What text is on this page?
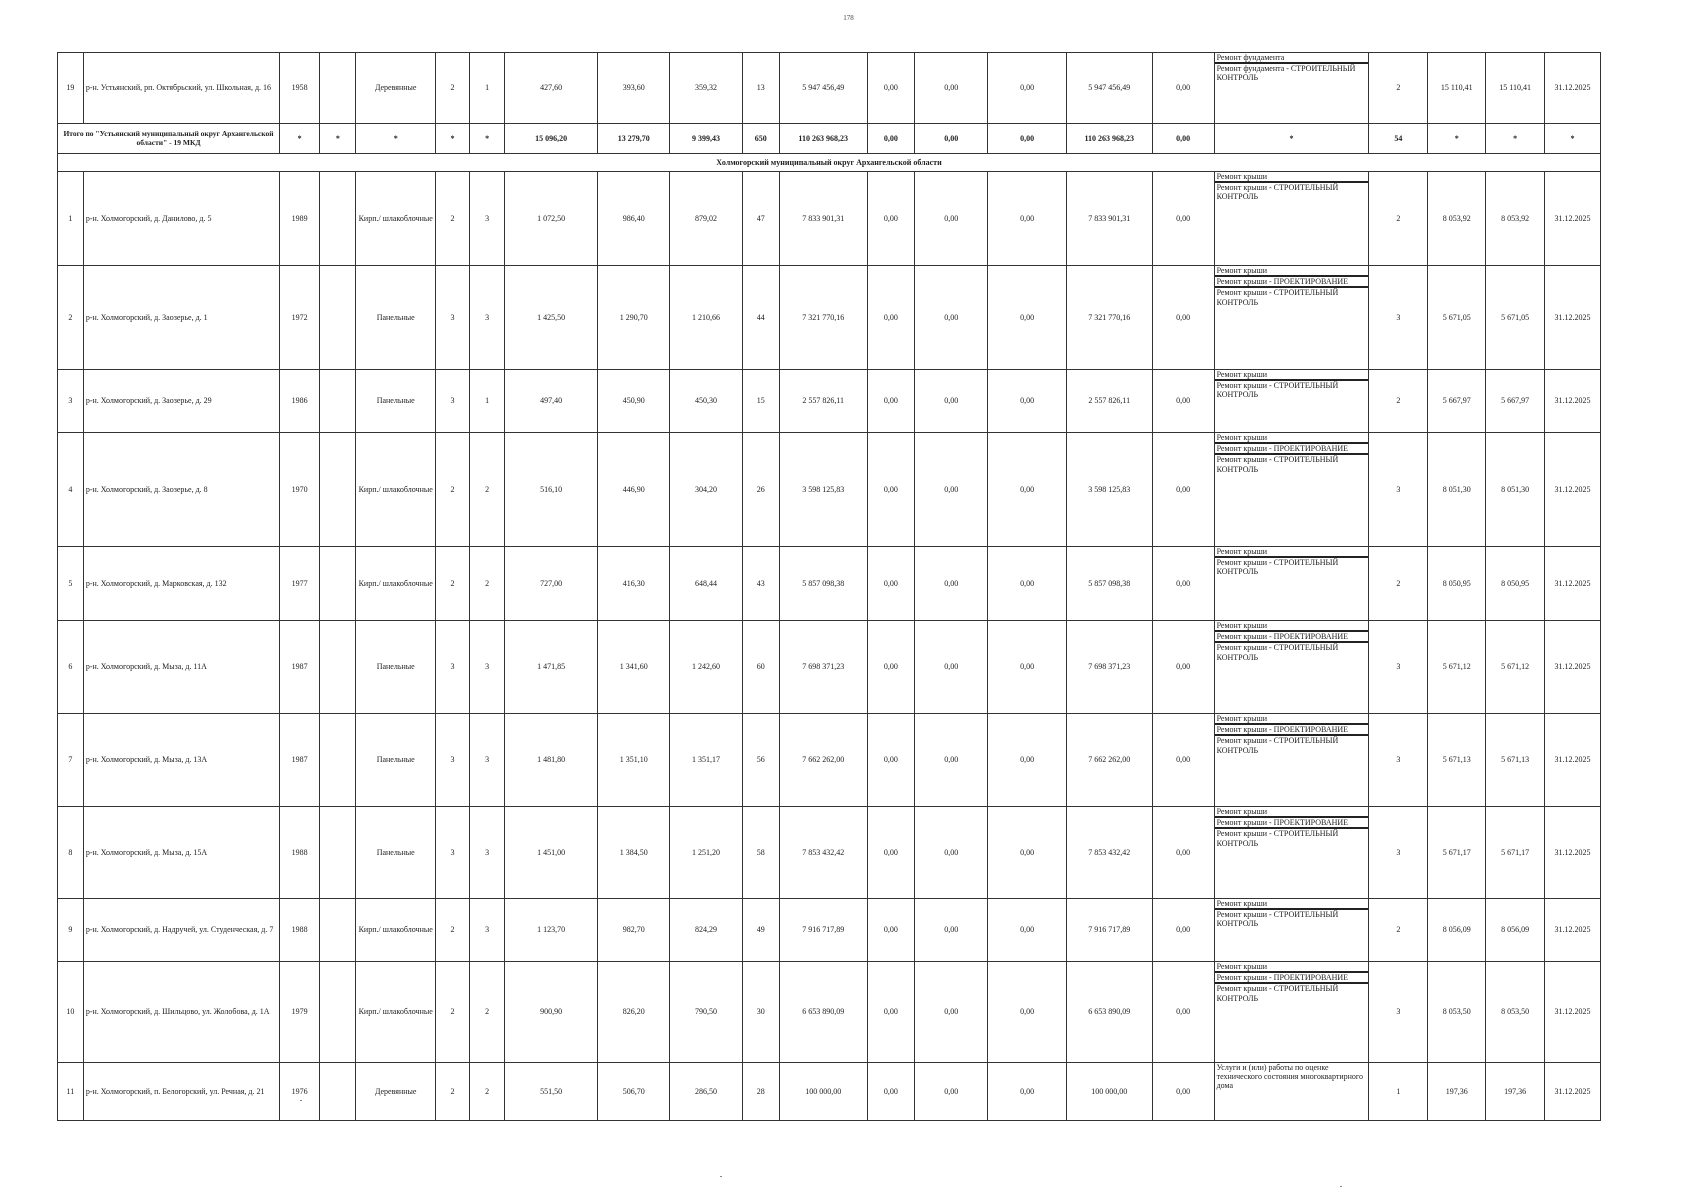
178
19	р-н. Устьянский, рп. Октябрьский, ул. Школьная, д. 16	1958		Деревянные	2	1	427,60	393,60	359,32	13	5 947 456,49	0,00	0,00	0,00	5 947 456,49	0,00	Ремонт фундамента
Ремонт фундамента - СТРОИТЕЛЬНЫЙ КОНТРОЛЬ	2	15 110,41	15 110,41	31.12.2025
Итого по "Устьянский муниципальный округ Архангельской области" - 19 МКД		*	*	*	*	*	15 096,20	13 279,70	9 399,43	650	110 263 968,23	0,00	0,00	0,00	110 263 968,23	0,00	*	54	*	*	*
Холмогорский муниципальный округ Архангельской области																					
1	р-н. Холмогорский, д. Данилово, д. 5	1989		Кирп./ шлакоблочные	2	3	1 072,50	986,40	879,02	47	7 833 901,31	0,00	0,00	0,00	7 833 901,31	0,00	Ремонт крыши
Ремонт крыши - СТРОИТЕЛЬНЫЙ КОНТРОЛЬ	2	8 053,92	8 053,92	31.12.2025
2	р-н. Холмогорский, д. Заозерье, д. 1	1972		Панельные	3	3	1 425,50	1 290,70	1 210,66	44	7 321 770,16	0,00	0,00	0,00	7 321 770,16	0,00	Ремонт крыши
Ремонт крыши - ПРОЕКТИРОВАНИЕ
Ремонт крыши - СТРОИТЕЛЬНЫЙ КОНТРОЛЬ	3	5 671,05	5 671,05	31.12.2025
3	р-н. Холмогорский, д. Заозерье, д. 29	1986		Панельные	3	1	497,40	450,90	450,30	15	2 557 826,11	0,00	0,00	0,00	2 557 826,11	0,00	Ремонт крыши
Ремонт крыши - СТРОИТЕЛЬНЫЙ КОНТРОЛЬ	2	5 667,97	5 667,97	31.12.2025
4	р-н. Холмогорский, д. Заозерье, д. 8	1970		Кирп./ шлакоблочные	2	2	516,10	446,90	304,20	26	3 598 125,83	0,00	0,00	0,00	3 598 125,83	0,00	Ремонт крыши
Ремонт крыши - ПРОЕКТИРОВАНИЕ
Ремонт крыши - СТРОИТЕЛЬНЫЙ КОНТРОЛЬ	3	8 051,30	8 051,30	31.12.2025
5	р-н. Холмогорский, д. Марковская, д. 132	1977		Кирп./ шлакоблочные	2	2	727,00	416,30	648,44	43	5 857 098,38	0,00	0,00	0,00	5 857 098,38	0,00	Ремонт крыши
Ремонт крыши - СТРОИТЕЛЬНЫЙ КОНТРОЛЬ	2	8 050,95	8 050,95	31.12.2025
6	р-н. Холмогорский, д. Мыза, д. 11А	1987		Панельные	3	3	1 471,85	1 341,60	1 242,60	60	7 698 371,23	0,00	0,00	0,00	7 698 371,23	0,00	Ремонт крыши
Ремонт крыши - ПРОЕКТИРОВАНИЕ
Ремонт крыши - СТРОИТЕЛЬНЫЙ КОНТРОЛЬ	3	5 671,12	5 671,12	31.12.2025
7	р-н. Холмогорский, д. Мыза, д. 13А	1987		Панельные	3	3	1 481,80	1 351,10	1 351,17	56	7 662 262,00	0,00	0,00	0,00	7 662 262,00	0,00	Ремонт крыши
Ремонт крыши - ПРОЕКТИРОВАНИЕ
Ремонт крыши - СТРОИТЕЛЬНЫЙ КОНТРОЛЬ	3	5 671,13	5 671,13	31.12.2025
8	р-н. Холмогорский, д. Мыза, д. 15А	1988		Панельные	3	3	1 451,00	1 384,50	1 251,20	58	7 853 432,42	0,00	0,00	0,00	7 853 432,42	0,00	Ремонт крыши
Ремонт крыши - ПРОЕКТИРОВАНИЕ
Ремонт крыши - СТРОИТЕЛЬНЫЙ КОНТРОЛЬ	3	5 671,17	5 671,17	31.12.2025
9	р-н. Холмогорский, д. Надручей, ул. Студенческая, д. 7	1988		Кирп./ шлакоблочные	2	3	1 123,70	982,70	824,29	49	7 916 717,89	0,00	0,00	0,00	7 916 717,89	0,00	Ремонт крыши
Ремонт крыши - СТРОИТЕЛЬНЫЙ КОНТРОЛЬ	2	8 056,09	8 056,09	31.12.2025
10	р-н. Холмогорский, д. Шильцово, ул. Жолобова, д. 1А	1979		Кирп./ шлакоблочные	2	2	900,90	826,20	790,50	30	6 653 890,09	0,00	0,00	0,00	6 653 890,09	0,00	Ремонт крыши
Ремонт крыши - ПРОЕКТИРОВАНИЕ
Ремонт крыши - СТРОИТЕЛЬНЫЙ КОНТРОЛЬ	3	8 053,50	8 053,50	31.12.2025
11	р-н. Холмогорский, п. Белогорский, ул. Речная, д. 21	1976		Деревянные	2	2	551,50	506,70	286,50	28	100 000,00	0,00	0,00	0,00	100 000,00	0,00	Услуги и (или) работы по оценке технического состояния многоквартирного дома	1	197,36	197,36	31.12.2025
